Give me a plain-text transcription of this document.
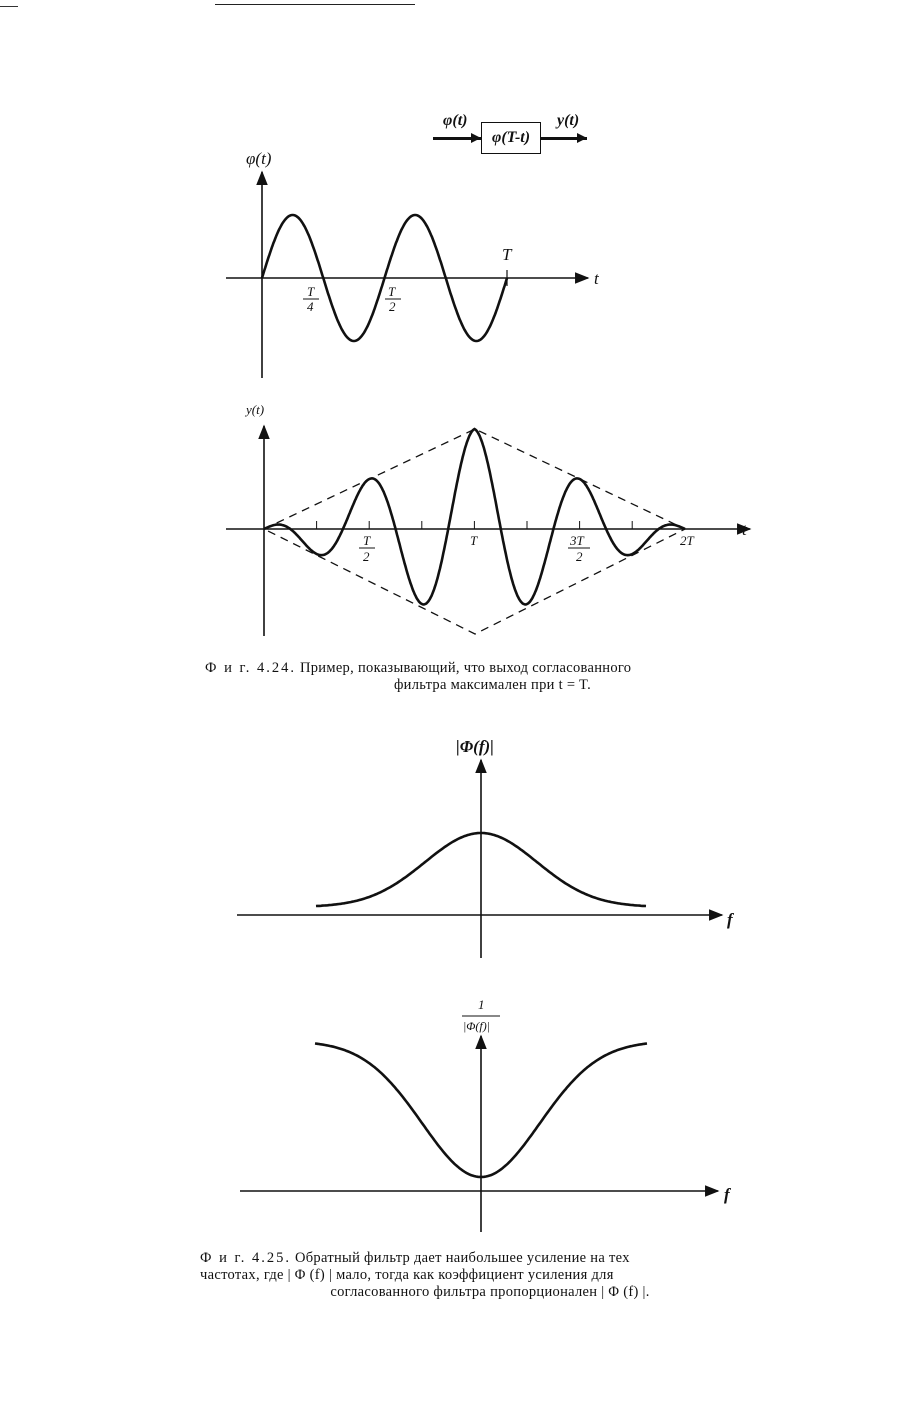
φ(t)
φ(T-t)
y(t)
φ(t)
t
T
4
T
2
T
y(t)
t
T
2
T	3T
2
2T
|Φ(f)|
f
1
|Φ(f)|
f
Ф и г. 4.24. Пример, показывающий, что выход согласованного
фильтра максимален при t = T.
Ф и г. 4.25. Обратный фильтр дает наибольшее усиление на тех
частотах, где | Φ (f) | мало, тогда как коэффициент усиления для
согласованного фильтра пропорционален | Φ (f) |.
